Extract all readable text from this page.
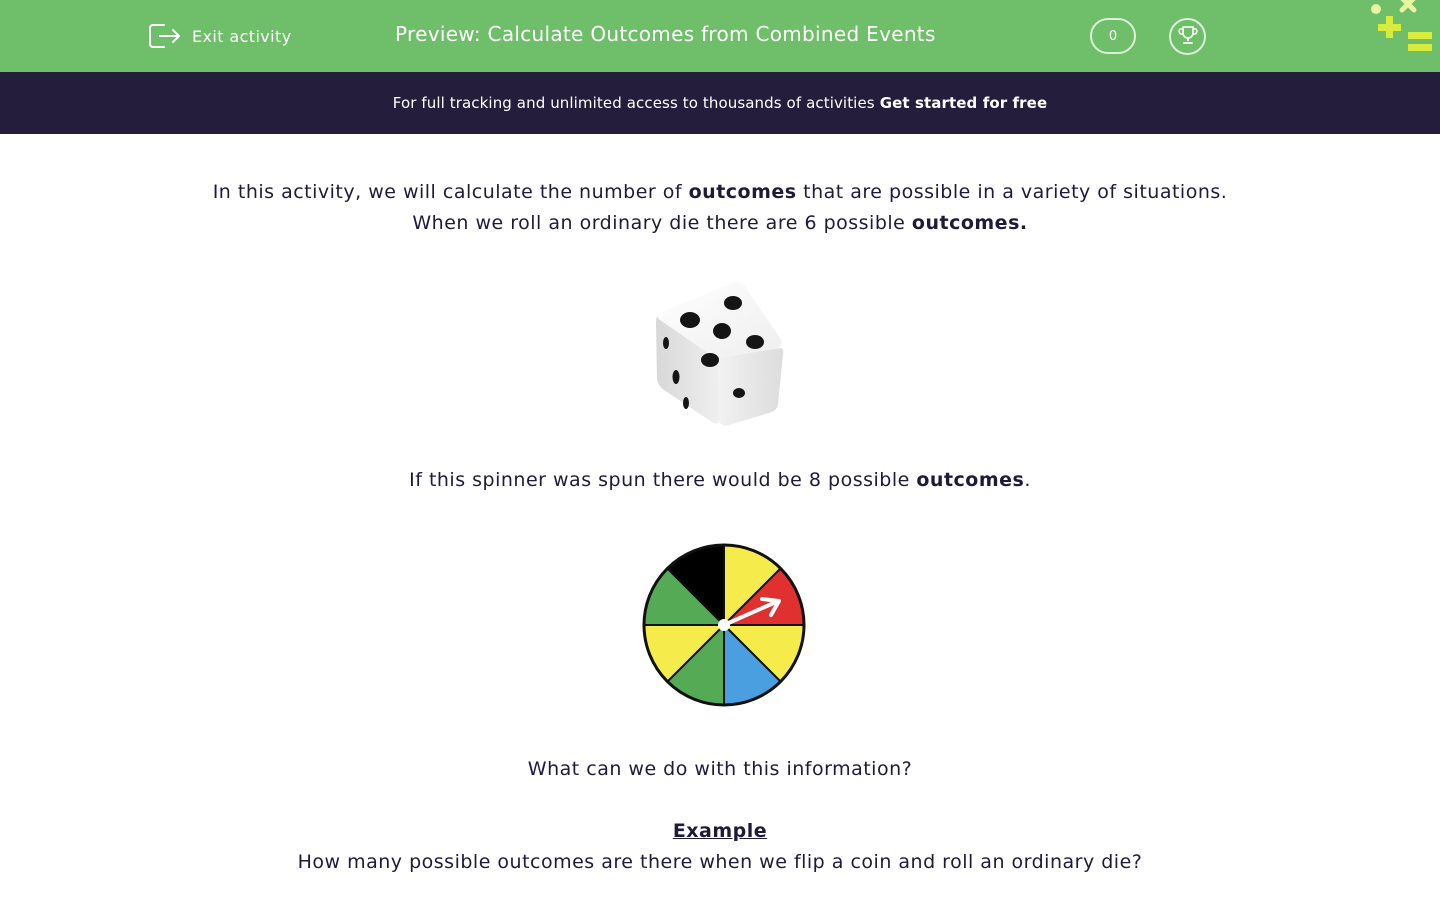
Exit activity	Preview: Calculate Outcomes from Combined Events	0
For full tracking and unlimited access to thousands of activities Get started for free
In this activity, we will calculate the number of outcomes that are possible in a variety of situations.
When we roll an ordinary die there are 6 possible outcomes.
If this spinner was spun there would be 8 possible outcomes.
What can we do with this information?
Example
How many possible outcomes are there when we flip a coin and roll an ordinary die?
